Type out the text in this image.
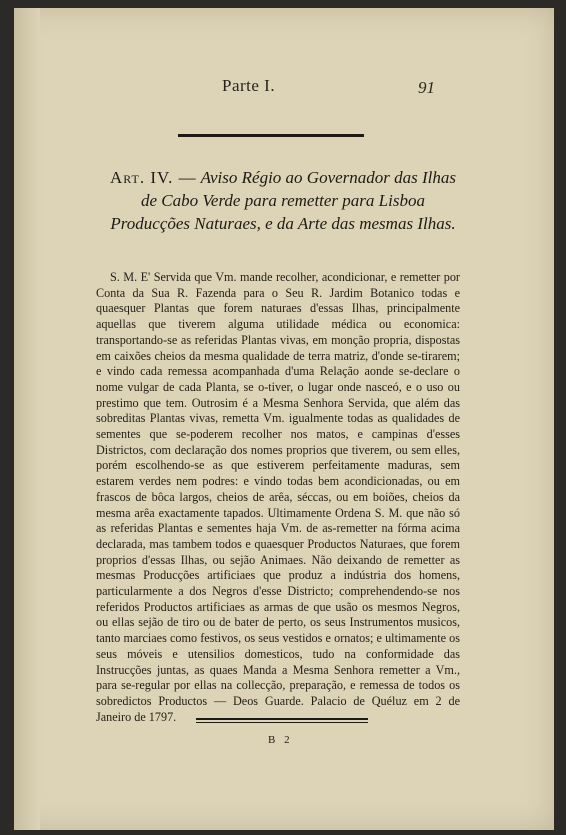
Parte I.	91
Art. IV. — Aviso Régio ao Governador das Ilhas de Cabo Verde para remetter para Lisboa Producções Naturaes, e da Arte das mesmas Ilhas.

S. M. E' Servida que Vm. mande recolher, acondicionar, e remetter por Conta da Sua R. Fazenda para o Seu R. Jardim Botanico todas e quaesquer Plantas que forem naturaes d'essas Ilhas, principalmente aquellas que tiverem alguma utilidade médica ou economica: transportando-se as referidas Plantas vivas, em monção propria, dispostas em caixões cheios da mesma qualidade de terra matriz, d'onde se-tirarem; e vindo cada remessa acompanhada d'uma Relação aonde se-declare o nome vulgar de cada Planta, se o-tiver, o lugar onde nasceó, e o uso ou prestimo que tem. Outrosim é a Mesma Senhora Servida, que além das sobreditas Plantas vivas, remetta Vm. igualmente todas as qualidades de sementes que se-poderem recolher nos matos, e campinas d'esses Districtos, com declaração dos nomes proprios que tiverem, ou sem elles, porém escolhendo-se as que estiverem perfeitamente maduras, sem estarem verdes nem podres: e vindo todas bem acondicionadas, ou em frascos de bôca largos, cheios de arêa, séccas, ou em boiões, cheios da mesma arêa exactamente tapados. Ultimamente Ordena S. M. que não só as referidas Plantas e sementes haja Vm. de as-remetter na fórma acima declarada, mas tambem todos e quaesquer Productos Naturaes, que forem proprios d'essas Ilhas, ou sejão Animaes. Não deixando de remetter as mesmas Producções artificiaes que produz a indústria dos homens, particularmente a dos Negros d'esse Districto; comprehendendo-se nos referidos Productos artificiaes as armas de que usão os mesmos Negros, ou ellas sejão de tiro ou de bater de perto, os seus Instrumentos musicos, tanto marciaes como festivos, os seus vestidos e ornatos; e ultimamente os seus móveis e utensilios domesticos, tudo na conformidade das Instrucções juntas, as quaes Manda a Mesma Senhora remetter a Vm., para se-regular por ellas na collecção, preparação, e remessa de todos os sobredictos Productos — Deos Guarde. Palacio de Quéluz em 2 de Janeiro de 1797.

B 2
